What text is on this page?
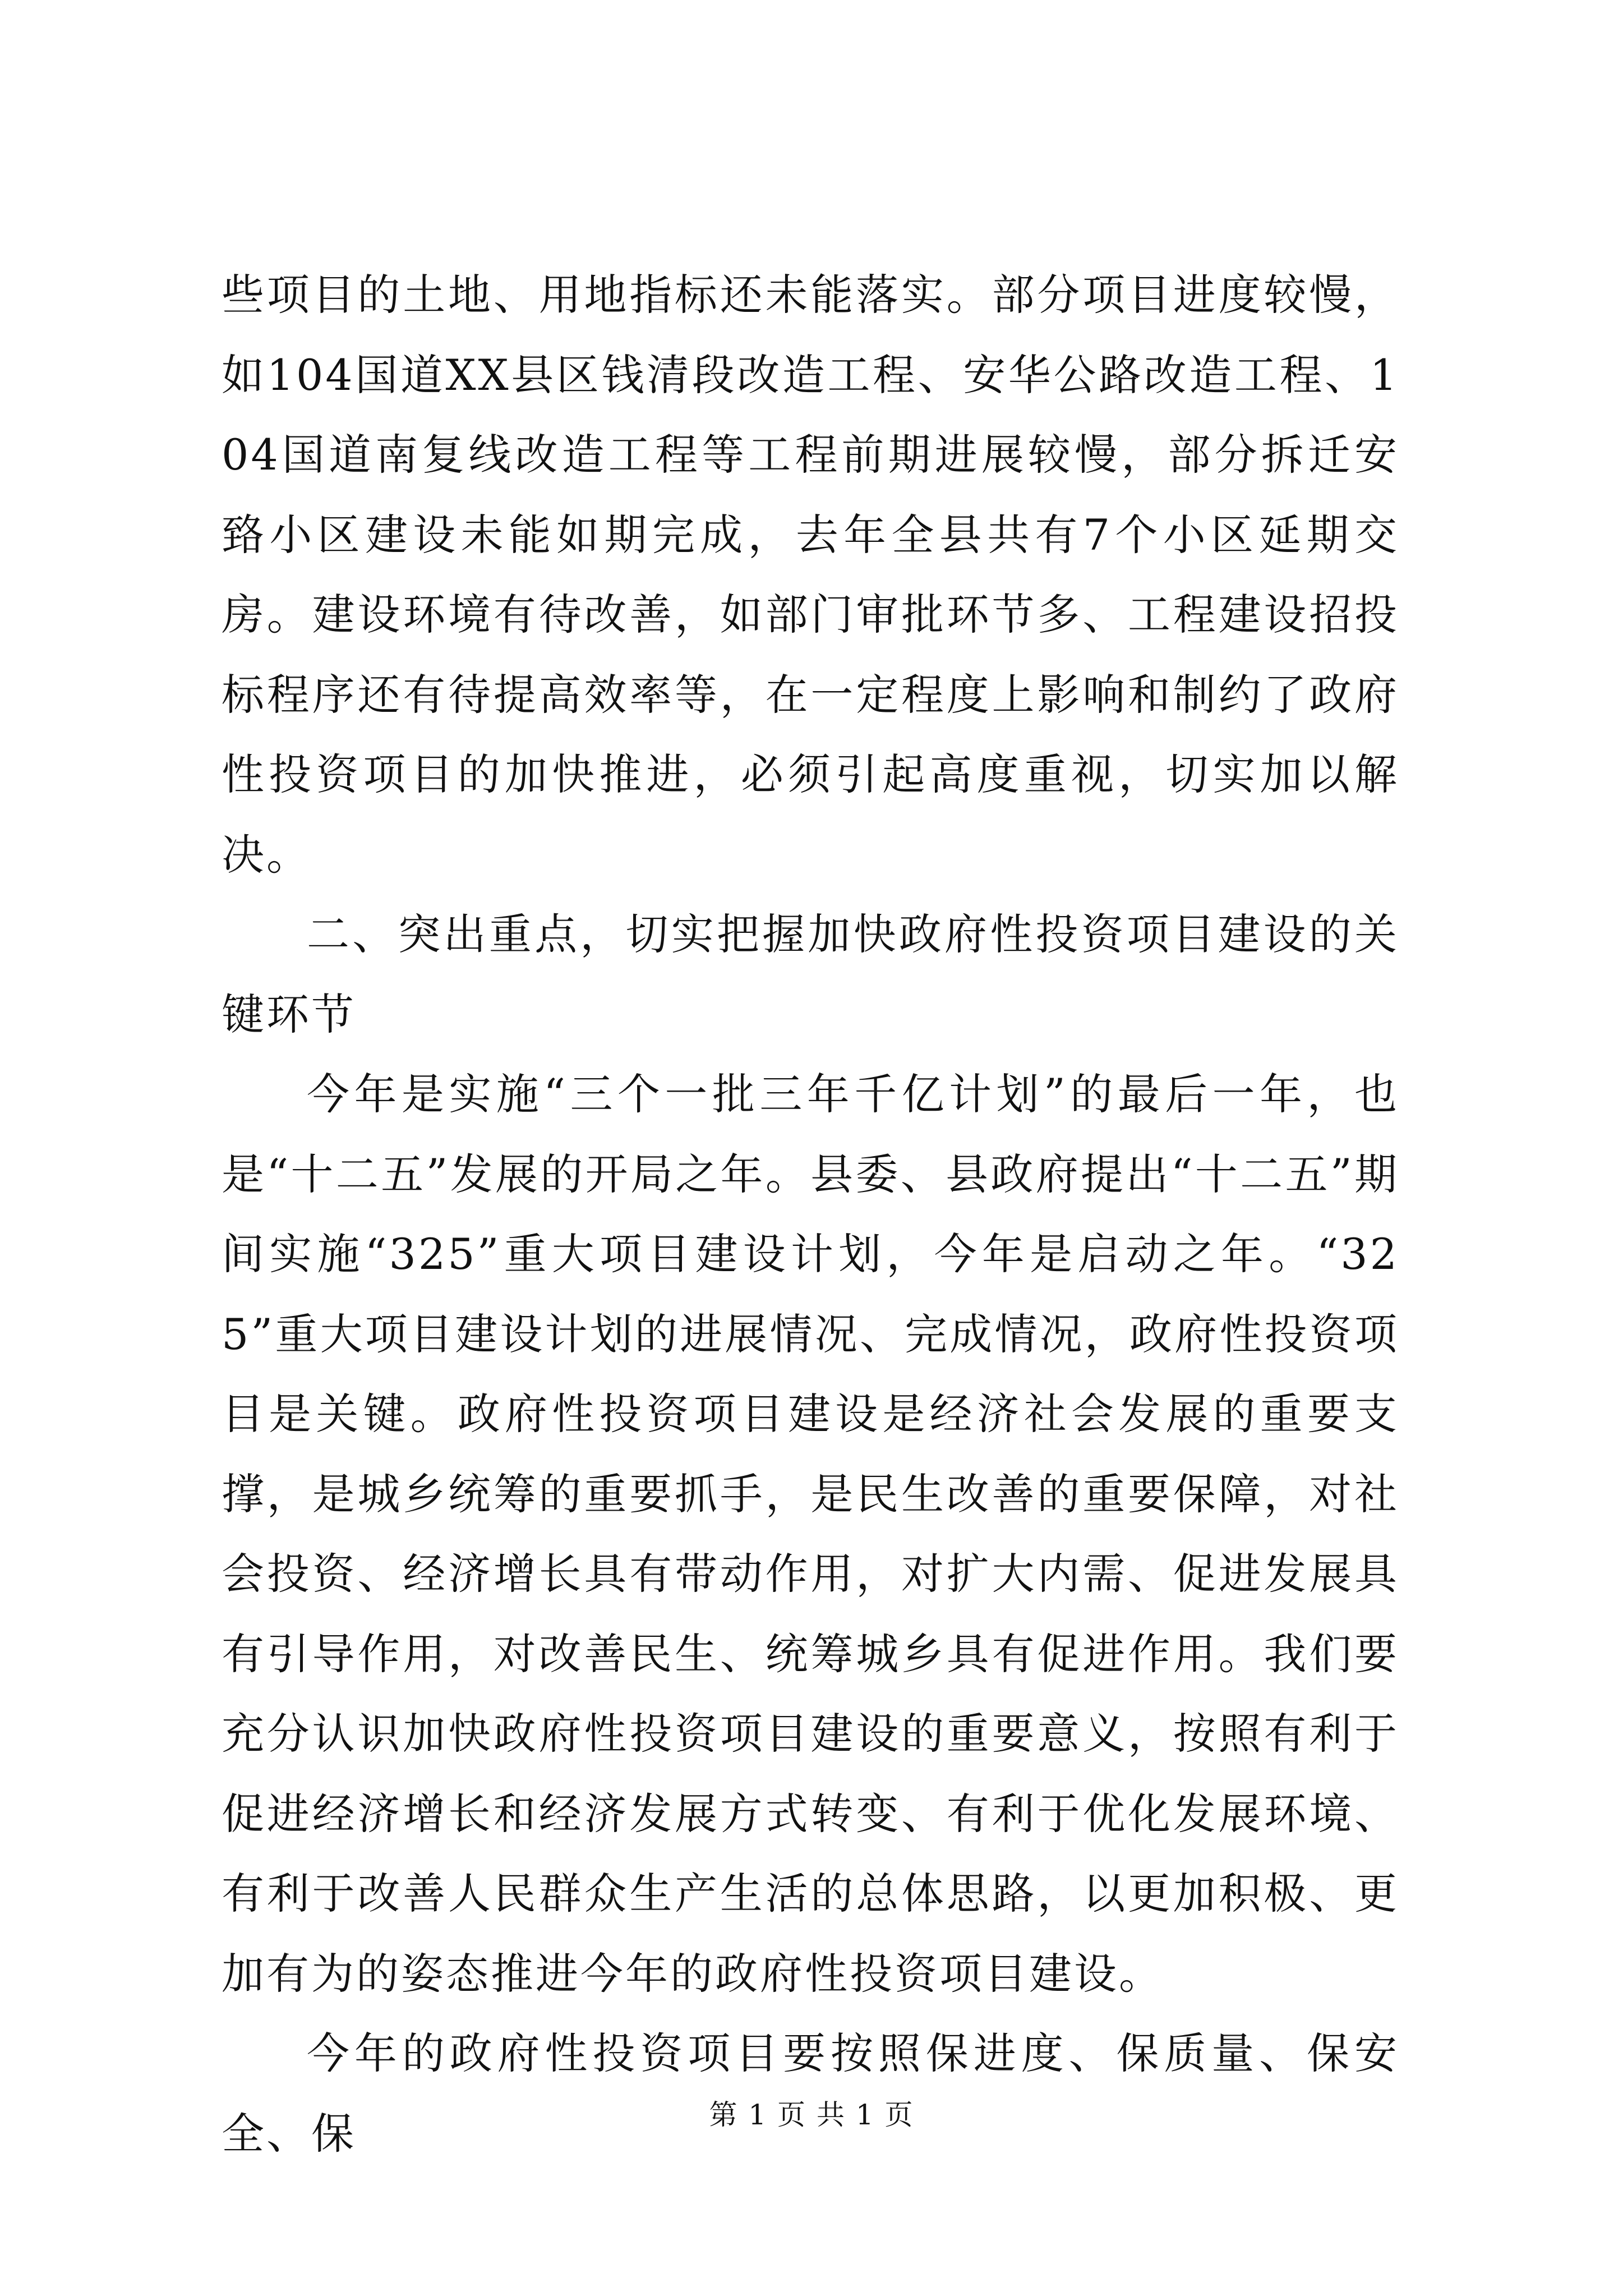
些项目的土地、用地指标还未能落实。部分项目进度较慢，如104国道XX县区钱清段改造工程、安华公路改造工程、104国道南复线改造工程等工程前期进展较慢，部分拆迁安臵小区建设未能如期完成，去年全县共有7个小区延期交房。建设环境有待改善，如部门审批环节多、工程建设招投标程序还有待提高效率等，在一定程度上影响和制约了政府性投资项目的加快推进，必须引起高度重视，切实加以解决。

二、突出重点，切实把握加快政府性投资项目建设的关键环节

今年是实施“三个一批三年千亿计划”的最后一年，也是“十二五”发展的开局之年。县委、县政府提出“十二五”期间实施“325”重大项目建设计划，今年是启动之年。“325”重大项目建设计划的进展情况、完成情况，政府性投资项目是关键。政府性投资项目建设是经济社会发展的重要支撑，是城乡统筹的重要抓手，是民生改善的重要保障，对社会投资、经济增长具有带动作用，对扩大内需、促进发展具有引导作用，对改善民生、统筹城乡具有促进作用。我们要充分认识加快政府性投资项目建设的重要意义，按照有利于促进经济增长和经济发展方式转变、有利于优化发展环境、有利于改善人民群众生产生活的总体思路，以更加积极、更加有为的姿态推进今年的政府性投资项目建设。

今年的政府性投资项目要按照保进度、保质量、保安全、保	第 1 页 共 1 页
